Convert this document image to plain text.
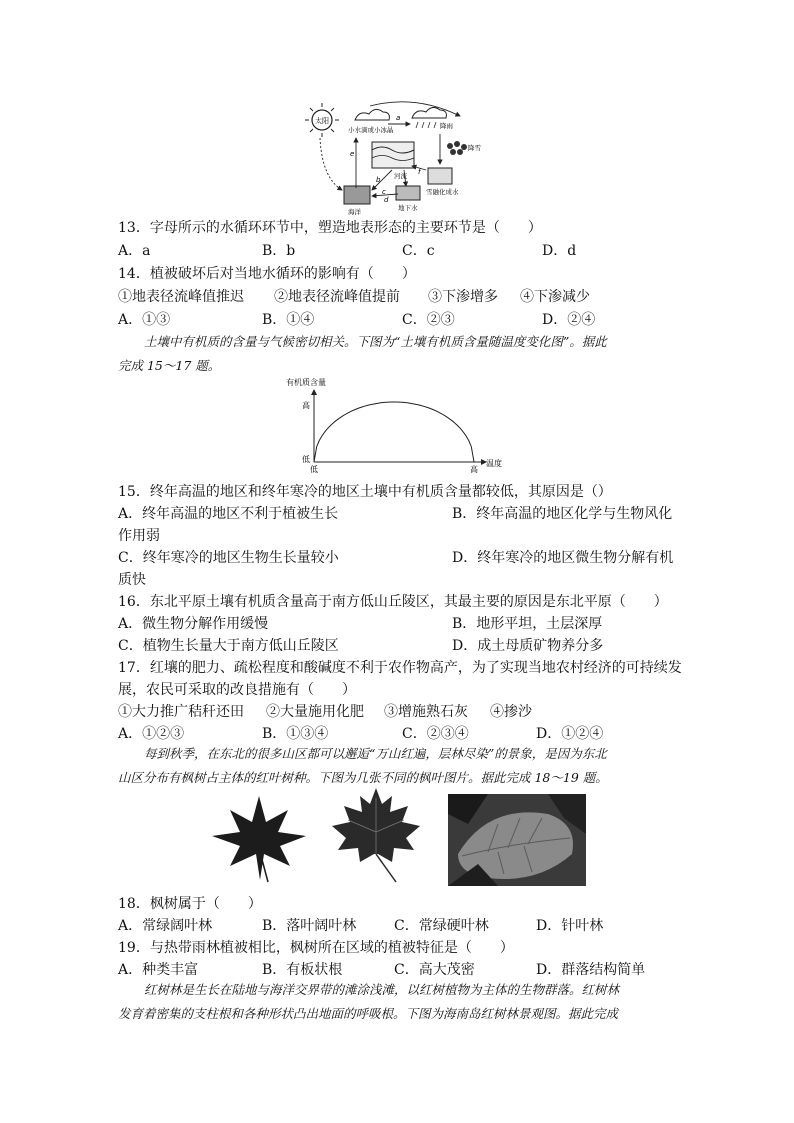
太阳
小水滴或小冰晶	降雨
降雪
河流
雪融化成水
海洋	地下水
a
b
c
d
e
f
13．字母所示的水循环环节中，塑造地表形态的主要环节是（　　）
A．a	B．b	C．c	D．d
14．植被破坏后对当地水循环的影响有（　　）
①地表径流峰值推迟 ②地表径流峰值提前 ③下渗增多 ④下渗减少
A．①③	B．①④	C．②③	D．②④
土壤中有机质的含量与气候密切相关。下图为“土壤有机质含量随温度变化图”。据此
完成 15～17 题。
有机质含量
高
低
低	高
温度
15．终年高温的地区和终年寒冷的地区土壤中有机质含量都较低，其原因是（）
A．终年高温的地区不利于植被生长	B．终年高温的地区化学与生物风化
作用弱
C．终年寒冷的地区生物生长量较小	D．终年寒冷的地区微生物分解有机
质快
16．东北平原土壤有机质含量高于南方低山丘陵区，其最主要的原因是东北平原（　　）
A．微生物分解作用缓慢	B．地形平坦，土层深厚
C．植物生长量大于南方低山丘陵区	D．成土母质矿物养分多
17．红壤的肥力、疏松程度和酸碱度不利于农作物高产，为了实现当地农村经济的可持续发
展，农民可采取的改良措施有（　　）
①大力推广秸秆还田 ②大量施用化肥 ③增施熟石灰 ④掺沙
A．①②③	B．①③④	C．②③④	D．①②④
每到秋季，在东北的很多山区都可以邂逅“万山红遍，层林尽染”的景象，是因为东北
山区分布有枫树占主体的红叶树种。下图为几张不同的枫叶图片。据此完成 18～19 题。
18．枫树属于（　　）
A．常绿阔叶林	B．落叶阔叶林	C．常绿硬叶林	D．针叶林
19．与热带雨林植被相比，枫树所在区域的植被特征是（　　）
A．种类丰富	B．有板状根	C．高大茂密	D．群落结构简单
红树林是生长在陆地与海洋交界带的滩涂浅滩，以红树植物为主体的生物群落。红树林
发育着密集的支柱根和各种形状凸出地面的呼吸根。下图为海南岛红树林景观图。据此完成
